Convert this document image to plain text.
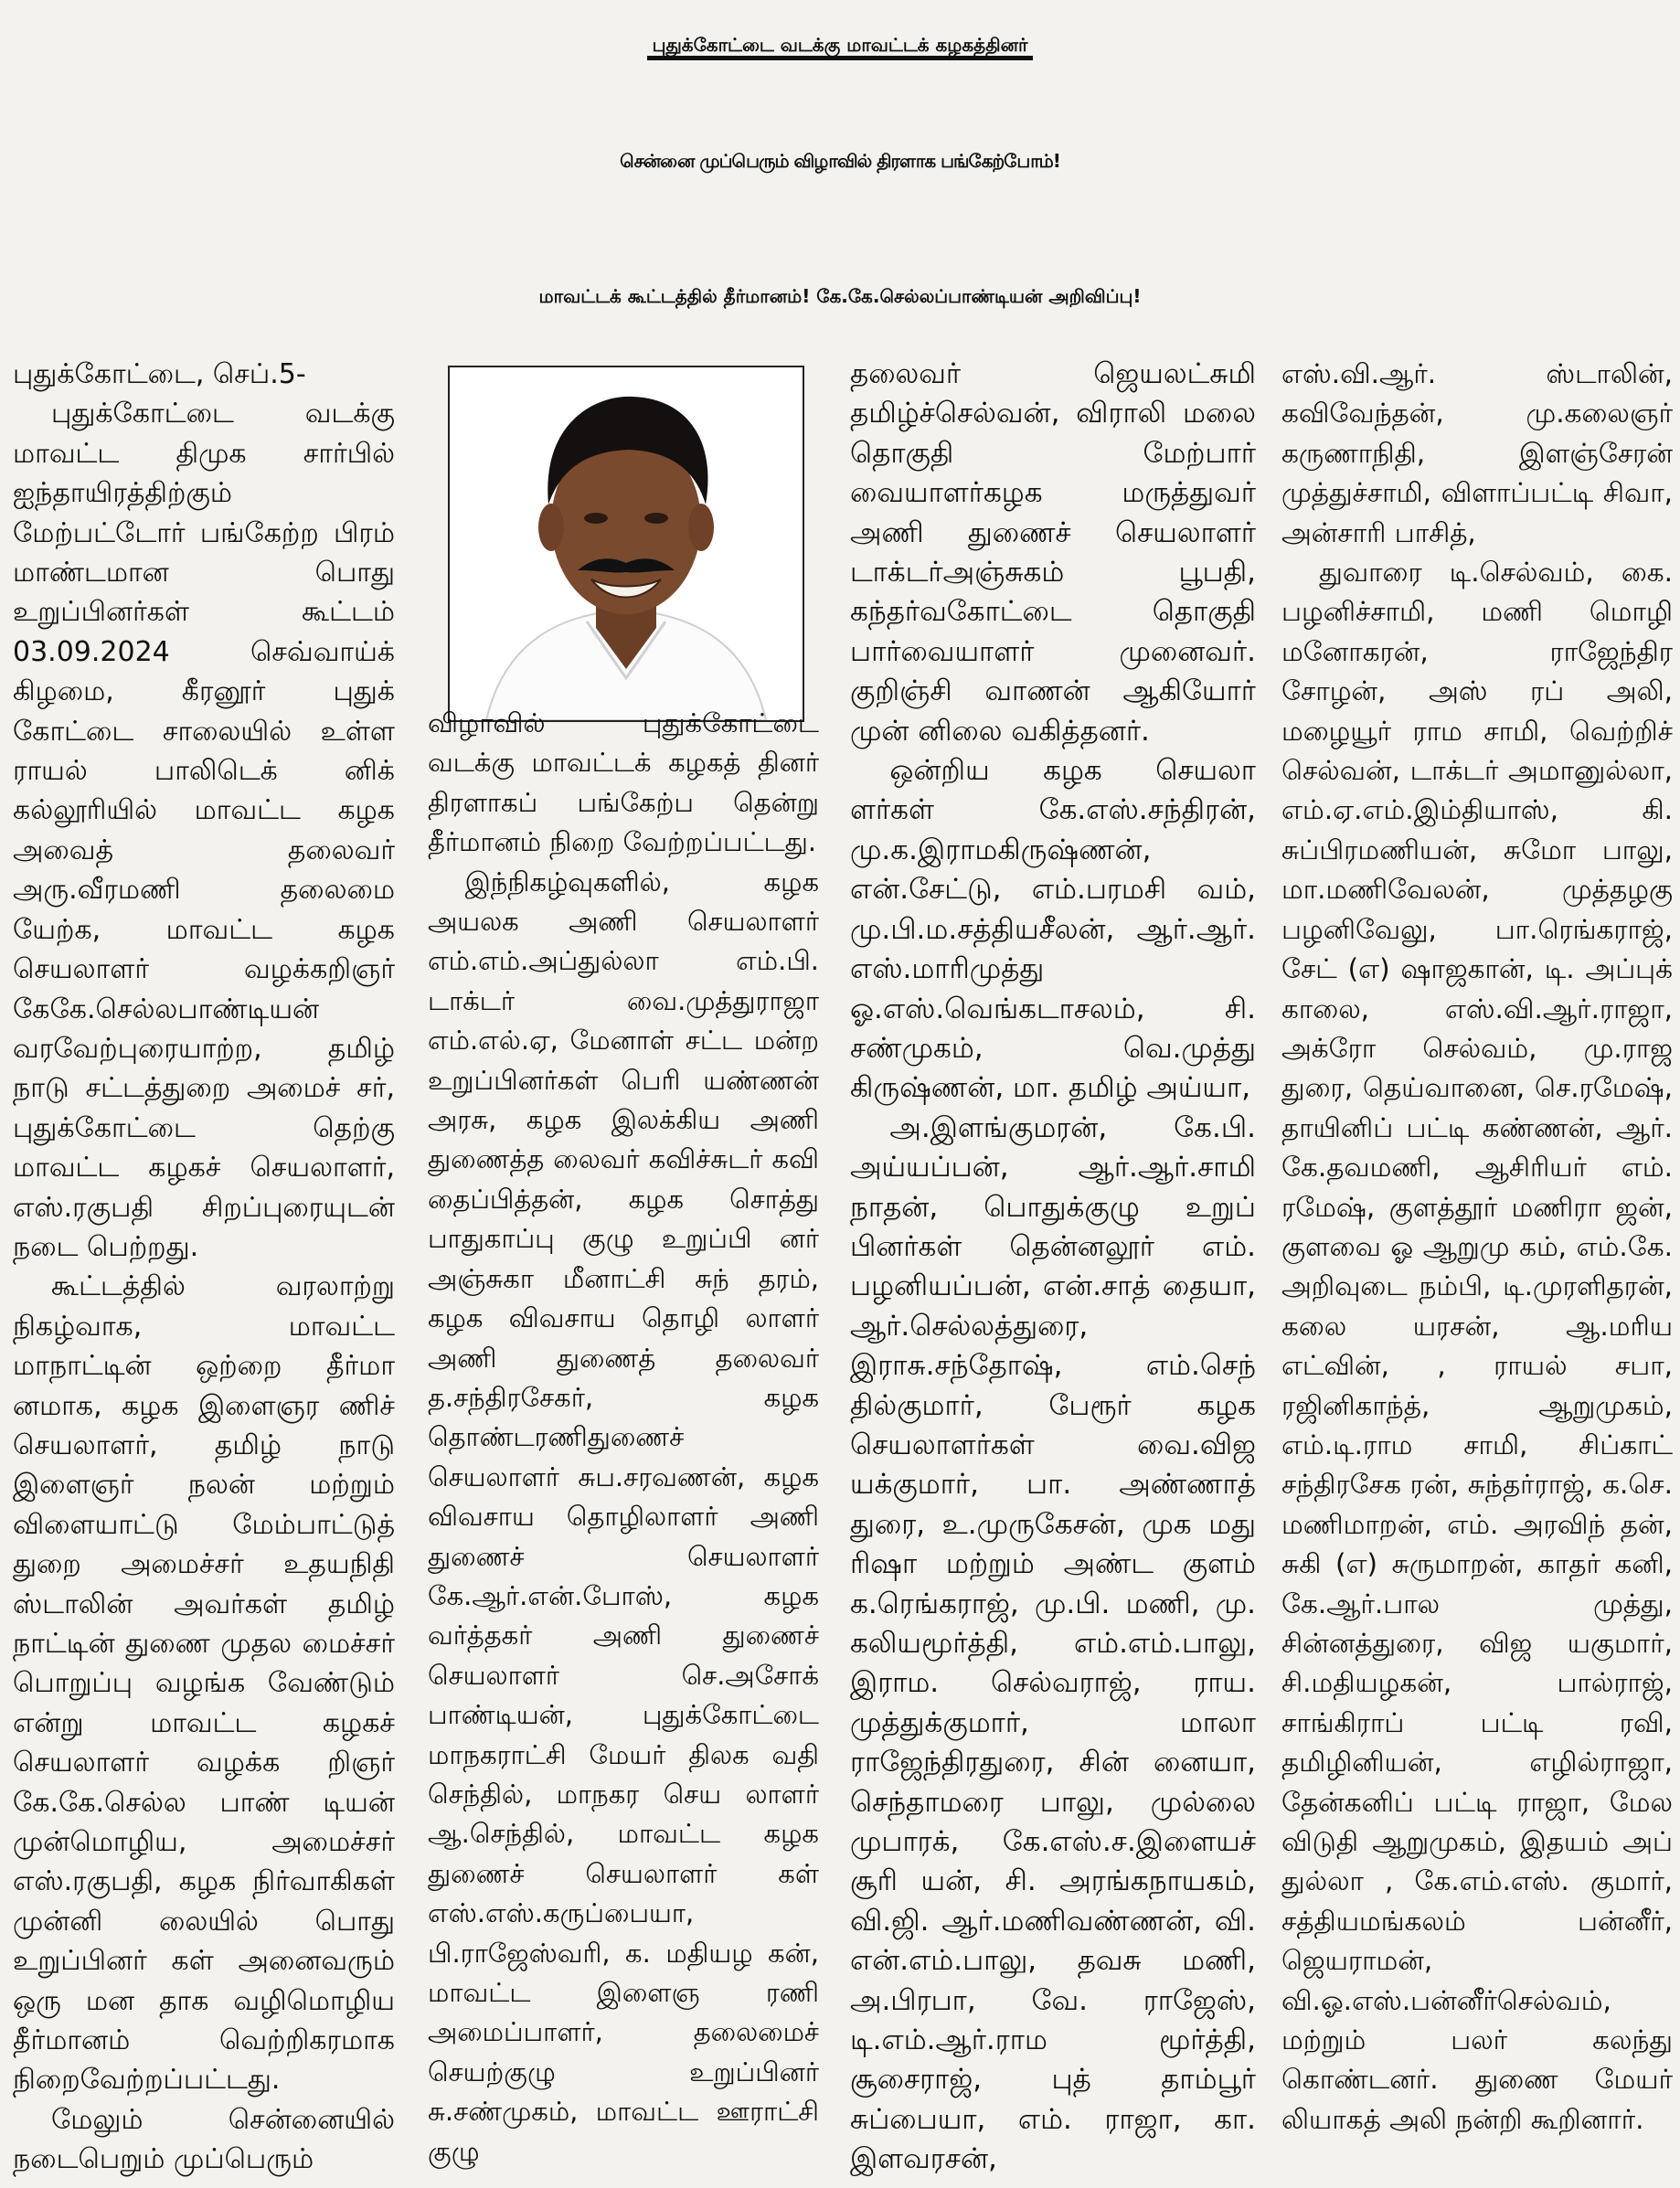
புதுக்கோட்டை வடக்கு மாவட்டக் கழகத்தினர்
சென்னை முப்பெரும் விழாவில் திரளாக பங்கேற்போம்!
மாவட்டக் கூட்டத்தில் தீர்மானம்! கே.கே.செல்லப்பாண்டியன் அறிவிப்பு!

புதுக்கோட்டை, செப்.5-

புதுக்கோட்டை வடக்கு மாவட்ட திமுக சார்பில் ஐந்தாயிரத்திற்கும் மேற்பட்டோர் பங்கேற்ற பிரம் மாண்டமான பொது உறுப்பினர்கள் கூட்டம் 03.09.2024 செவ்வாய்க் கிழமை, கீரனூர் புதுக் கோட்டை சாலையில் உள்ள ராயல் பாலிடெக் னிக் கல்லூரியில் மாவட்ட கழக அவைத் தலைவர் அரு.வீரமணி தலைமை யேற்க, மாவட்ட கழக செயலாளர் வழக்கறிஞர் கேகே.செல்லபாண்டியன் வரவேற்புரையாற்ற, தமிழ் நாடு சட்டத்துறை அமைச் சர், புதுக்கோட்டை தெற்கு மாவட்ட கழகச் செயலாளர், எஸ்.ரகுபதி சிறப்புரையுடன் நடை பெற்றது.

கூட்டத்தில் வரலாற்று நிகழ்வாக, மாவட்ட மாநாட்டின் ஒற்றை தீர்மா னமாக, கழக இளைஞர ணிச் செயலாளர், தமிழ் நாடு இளைஞர் நலன் மற்றும் விளையாட்டு மேம்பாட்டுத் துறை அமைச்சர் உதயநிதி ஸ்டாலின் அவர்கள் தமிழ் நாட்டின் துணை முதல மைச்சர் பொறுப்பு வழங்க வேண்டும் என்று மாவட்ட கழகச் செயலாளர் வழக்க றிஞர் கே.கே.செல்ல பாண் டியன் முன்மொழிய, அமைச்சர் எஸ்.ரகுபதி, கழக நிர்வாகிகள் முன்னி லையில் பொது உறுப்பினர் கள் அனைவரும் ஒரு மன தாக வழிமொழிய தீர்மானம் வெற்றிகரமாக நிறைவேற்றப்பட்டது.

மேலும் சென்னையில் நடைபெறும் முப்பெரும்

விழாவில் புதுக்கோட்டை வடக்கு மாவட்டக் கழகத் தினர் திரளாகப் பங்கேற்ப தென்று தீர்மானம் நிறை வேற்றப்பட்டது.

இந்நிகழ்வுகளில், கழக அயலக அணி செயலாளர் எம்.எம்.அப்துல்லா எம்.பி. டாக்டர் வை.முத்துராஜா எம்.எல்.ஏ, மேனாள் சட்ட மன்ற உறுப்பினர்கள் பெரி யண்ணன் அரசு, கழக இலக்கிய அணி துணைத்த லைவர் கவிச்சுடர் கவி தைப்பித்தன், கழக சொத்து பாதுகாப்பு குழு உறுப்பி னர் அஞ்சுகா மீனாட்சி சுந் தரம், கழக விவசாய தொழி லாளர் அணி துணைத் தலைவர் த.சந்திரசேகர், கழக தொண்டரணிதுணைச் செயலாளர் சுப.சரவணன், கழக விவசாய தொழிலாளர் அணி துணைச் செயலாளர் கே.ஆர்.என்.போஸ், கழக வர்த்தகர் அணி துணைச் செயலாளர் செ.அசோக் பாண்டியன், புதுக்கோட்டை மாநகராட்சி மேயர் திலக வதி செந்தில், மாநகர செய லாளர் ஆ.செந்தில், மாவட்ட கழக துணைச் செயலாளர் கள் எஸ்.எஸ்.கருப்பையா, பி.ராஜேஸ்வரி, க. மதியழ கன், மாவட்ட இளைஞ ரணி அமைப்பாளர், தலைமைச் செயற்குழு உறுப்பினர் சு.சண்முகம், மாவட்ட ஊராட்சி குழு

தலைவர் ஜெயலட்சுமி தமிழ்ச்செல்வன், விராலி மலை தொகுதி மேற்பார் வையாளர்கழக மருத்துவர் அணி துணைச் செயலாளர் டாக்டர்அஞ்சுகம் பூபதி, கந்தர்வகோட்டை தொகுதி பார்வையாளர் முனைவர். குறிஞ்சி வாணன் ஆகியோர் முன் னிலை வகித்தனர்.

ஒன்றிய கழக செயலா ளர்கள் கே.எஸ்.சந்திரன், மு.க.இராமகிருஷ்ணன், என்.சேட்டு, எம்.பரமசி வம், மு.பி.ம.சத்தியசீலன், ஆர்.ஆர். எஸ்.மாரிமுத்து ஓ.எஸ்.வெங்கடாசலம், சி. சண்முகம், வெ.முத்து கிருஷ்ணன், மா. தமிழ் அய்யா,

அ.இளங்குமரன், கே.பி. அய்யப்பன், ஆர்.ஆர்.சாமி நாதன், பொதுக்குழு உறுப் பினர்கள் தென்னலூர் எம். பழனியப்பன், என்.சாத் தையா, ஆர்.செல்லத்துரை, இராசு.சந்தோஷ், எம்.செந் தில்குமார், பேரூர் கழக செயலாளர்கள் வை.விஜ யக்குமார், பா. அண்ணாத் துரை, உ.முருகேசன், முக மது ரிஷா மற்றும் அண்ட குளம் க.ரெங்கராஜ், மு.பி. மணி, மு. கலியமூர்த்தி, எம்.எம்.பாலு, இராம. செல்வராஜ், ராய. முத்துக்குமார், மாலா ராஜேந்திரதுரை, சின் னையா, செந்தாமரை பாலு, முல்லை முபாரக், கே.எஸ்.ச.இளையச் சூரி யன், சி. அரங்கநாயகம், வி.ஜி. ஆர்.மணிவண்ணன், வி. என்.எம்.பாலு, தவசு மணி, அ.பிரபா, வே. ராஜேஸ், டி.எம்.ஆர்.ராம மூர்த்தி, சூசைராஜ், புத் தாம்பூர் சுப்பையா, எம். ராஜா, கா. இளவரசன்,

எஸ்.வி.ஆர். ஸ்டாலின், கவிவேந்தன், மு.கலைஞர் கருணாநிதி, இளஞ்சேரன் முத்துச்சாமி, விளாப்பட்டி சிவா, அன்சாரி பாசித்,

துவாரை டி.செல்வம், கை. பழனிச்சாமி, மணி மொழி மனோகரன், ராஜேந்திர சோழன், அஸ் ரப் அலி, மழையூர் ராம சாமி, வெற்றிச் செல்வன், டாக்டர் அமானுல்லா, எம்.ஏ.எம்.இம்தியாஸ், கி. சுப்பிரமணியன், சுமோ பாலு, மா.மணிவேலன், முத்தழகு பழனிவேலு, பா.ரெங்கராஜ், சேட் (எ) ஷாஜகான், டி. அப்புக் காலை, எஸ்.வி.ஆர்.ராஜா, அக்ரோ செல்வம், மு.ராஜ துரை, தெய்வானை, செ.ரமேஷ், தாயினிப் பட்டி கண்ணன், ஆர். கே.தவமணி, ஆசிரியர் எம். ரமேஷ், குளத்தூர் மணிரா ஜன், குளவை ஓ ஆறுமு கம், எம்.கே. அறிவுடை நம்பி, டி.முரளிதரன், கலை யரசன், ஆ.மரிய எட்வின், , ராயல் சபா, ரஜினிகாந்த், ஆறுமுகம், எம்.டி.ராம சாமி, சிப்காட் சந்திரசேக ரன், சுந்தர்ராஜ், க.செ. மணிமாறன், எம். அரவிந் தன், சுகி (எ) சுருமாறன், காதர் கனி, கே.ஆர்.பால முத்து, சின்னத்துரை, விஜ யகுமார், சி.மதியழகன், பால்ராஜ், சாங்கிராப் பட்டி ரவி, தமிழினியன், எழில்ராஜா, தேன்கனிப் பட்டி ராஜா, மேல விடுதி ஆறுமுகம், இதயம் அப் துல்லா , கே.எம்.எஸ். குமார், சத்தியமங்கலம் பன்னீர், ஜெயராமன், வி.ஓ.எஸ்.பன்னீர்செல்வம், மற்றும் பலர் கலந்து கொண்டனர். துணை மேயர் லியாகத் அலி நன்றி கூறினார்.
